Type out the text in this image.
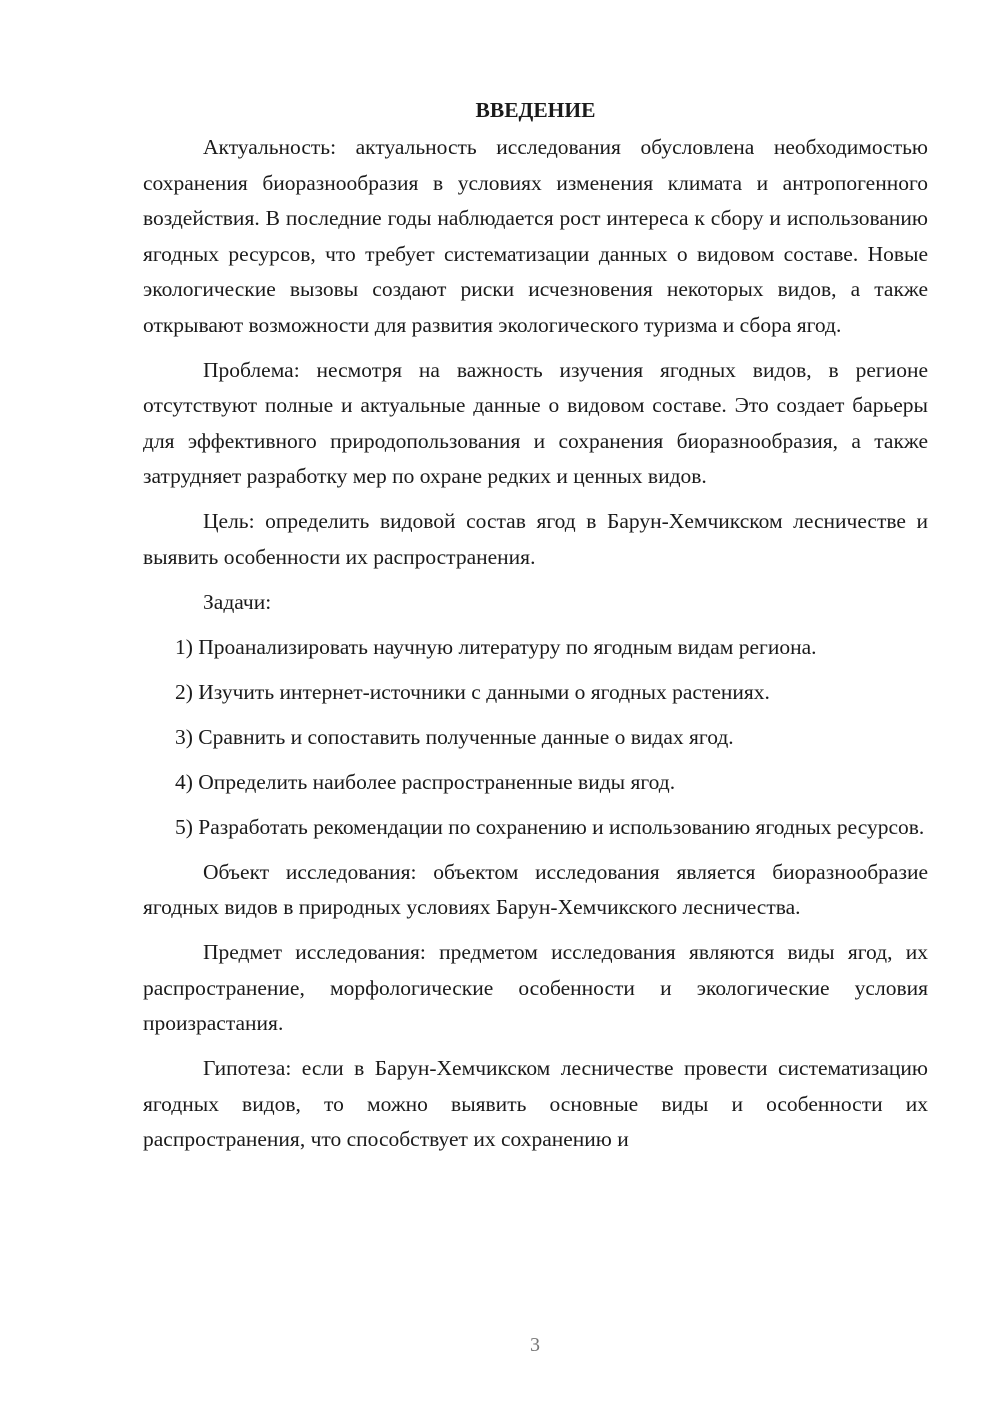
ВВЕДЕНИЕ

Актуальность: актуальность исследования обусловлена необходимостью сохранения биоразнообразия в условиях изменения климата и антропогенного воздействия. В последние годы наблюдается рост интереса к сбору и использованию ягодных ресурсов, что требует систематизации данных о видовом составе. Новые экологические вызовы создают риски исчезновения некоторых видов, а также открывают возможности для развития экологического туризма и сбора ягод.

Проблема: несмотря на важность изучения ягодных видов, в регионе отсутствуют полные и актуальные данные о видовом составе. Это создает барьеры для эффективного природопользования и сохранения биоразнообразия, а также затрудняет разработку мер по охране редких и ценных видов.

Цель: определить видовой состав ягод в Барун-Хемчикском лесничестве и выявить особенности их распространения.

Задачи:

1) Проанализировать научную литературу по ягодным видам региона.

2) Изучить интернет-источники с данными о ягодных растениях.

3) Сравнить и сопоставить полученные данные о видах ягод.

4) Определить наиболее распространенные виды ягод.

5) Разработать рекомендации по сохранению и использованию ягодных ресурсов.

Объект исследования: объектом исследования является биоразнообразие ягодных видов в природных условиях Барун-Хемчикского лесничества.

Предмет исследования: предметом исследования являются виды ягод, их распространение, морфологические особенности и экологические условия произрастания.

Гипотеза: если в Барун-Хемчикском лесничестве провести систематизацию ягодных видов, то можно выявить основные виды и особенности их распространения, что способствует их сохранению и

3
